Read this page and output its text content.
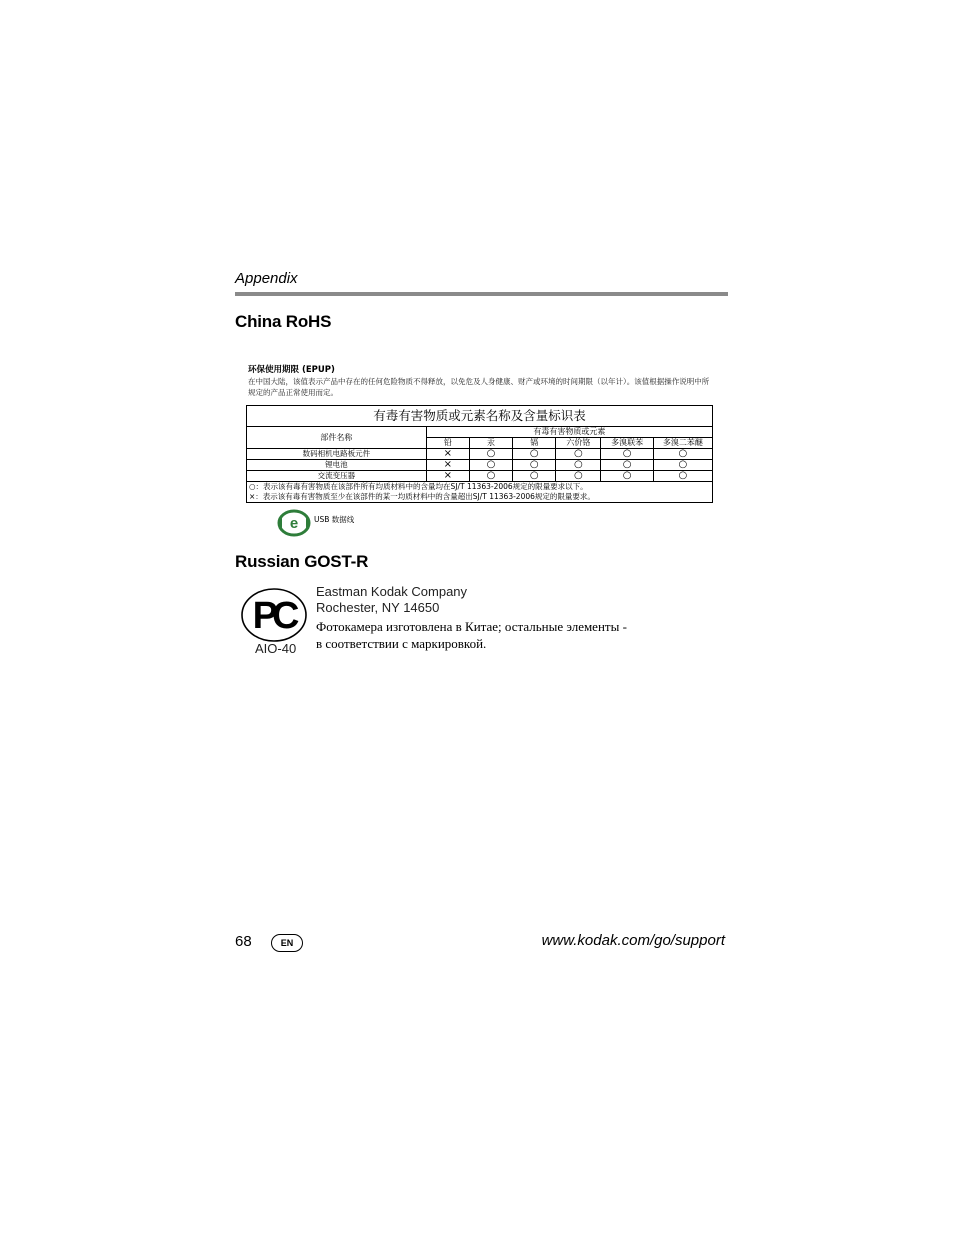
Appendix
China RoHS
环保使用期限 (EPUP)
在中国大陆，该值表示产品中存在的任何危险物质不得释放，以免危及人身健康、财产或环境的时间期限（以年计）。该值根据操作说明中所规定的产品正常使用而定。
有毒有害物质或元素名称及含量标识表						
部件名称	有毒有害物质或元素					
	铅	汞	镉	六价铬	多溴联苯	多溴二苯醚
数码相机电路板元件	×	○	○	○	○	○
锂电池	×	○	○	○	○	○
交流变压器	×	○	○	○	○	○

○：表示该有毒有害物质在该部件所有均质材料中的含量均在SJ/T 11363-2006规定的限量要求以下。
×：表示该有毒有害物质至少在该部件的某一均质材料中的含量超出SJ/T 11363-2006规定的限量要求。						
e USB 数据线
Russian GOST-R
PC
AIO-40
Eastman Kodak Company
Rochester, NY 14650
Фотокамера изготовлена в Китае; остальные элементы -
в соответствии с маркировкой.
68	EN	www.kodak.com/go/support
